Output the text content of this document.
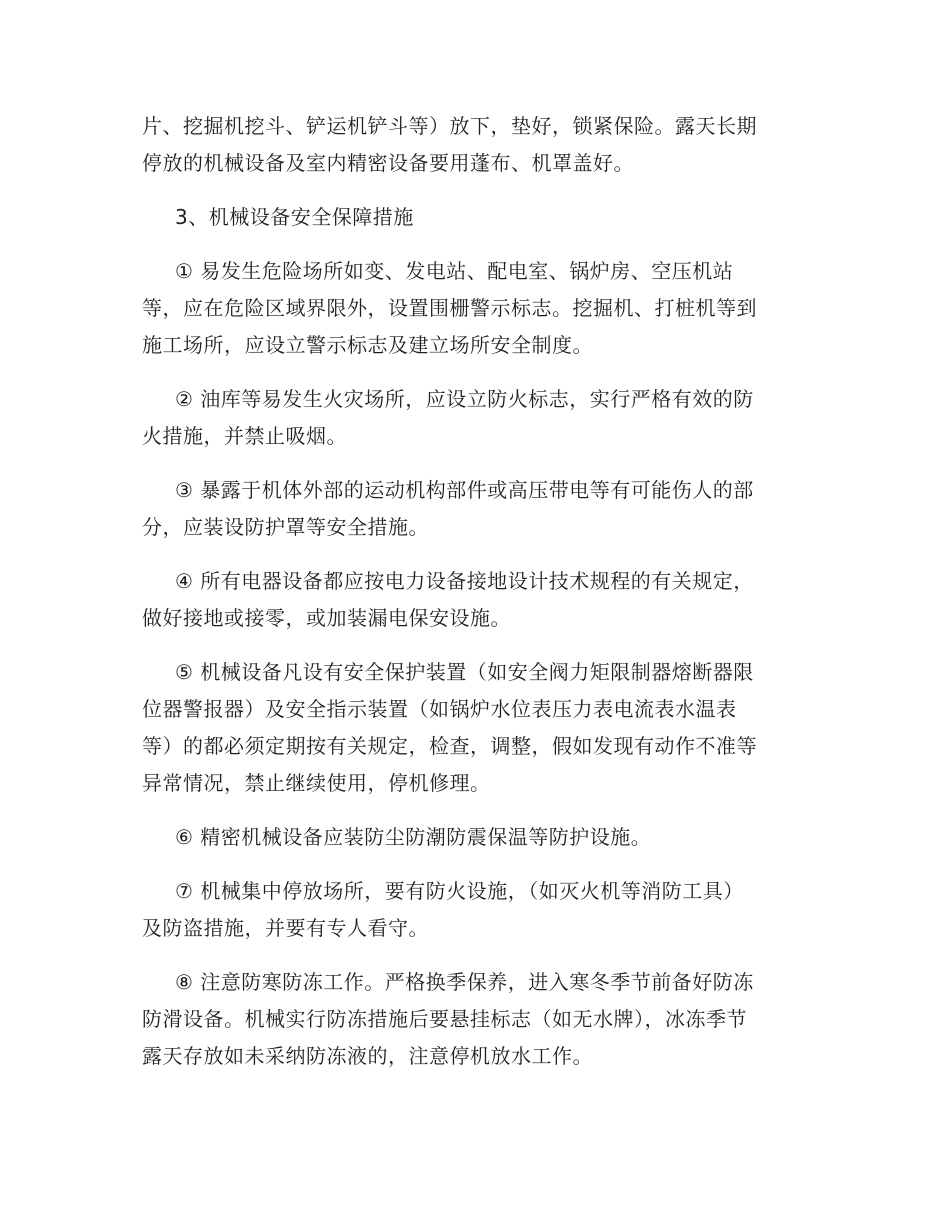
片、挖掘机挖斗、铲运机铲斗等）放下，垫好，锁紧保险。露天长期
停放的机械设备及室内精密设备要用蓬布、机罩盖好。
3、机械设备安全保障措施
① 易发生危险场所如变、发电站、配电室、锅炉房、空压机站
等，应在危险区域界限外，设置围栅警示标志。挖掘机、打桩机等到
施工场所，应设立警示标志及建立场所安全制度。
② 油库等易发生火灾场所，应设立防火标志，实行严格有效的防
火措施，并禁止吸烟。
③ 暴露于机体外部的运动机构部件或高压带电等有可能伤人的部
分，应装设防护罩等安全措施。
④ 所有电器设备都应按电力设备接地设计技术规程的有关规定，
做好接地或接零，或加装漏电保安设施。
⑤ 机械设备凡设有安全保护装置（如安全阀力矩限制器熔断器限
位器警报器）及安全指示装置（如锅炉水位表压力表电流表水温表
等）的都必须定期按有关规定，检查，调整，假如发现有动作不准等
异常情况，禁止继续使用，停机修理。
⑥ 精密机械设备应装防尘防潮防震保温等防护设施。
⑦ 机械集中停放场所，要有防火设施，（如灭火机等消防工具）
及防盗措施，并要有专人看守。
⑧ 注意防寒防冻工作。严格换季保养，进入寒冬季节前备好防冻
防滑设备。机械实行防冻措施后要悬挂标志（如无水牌），冰冻季节
露天存放如未采纳防冻液的，注意停机放水工作。
